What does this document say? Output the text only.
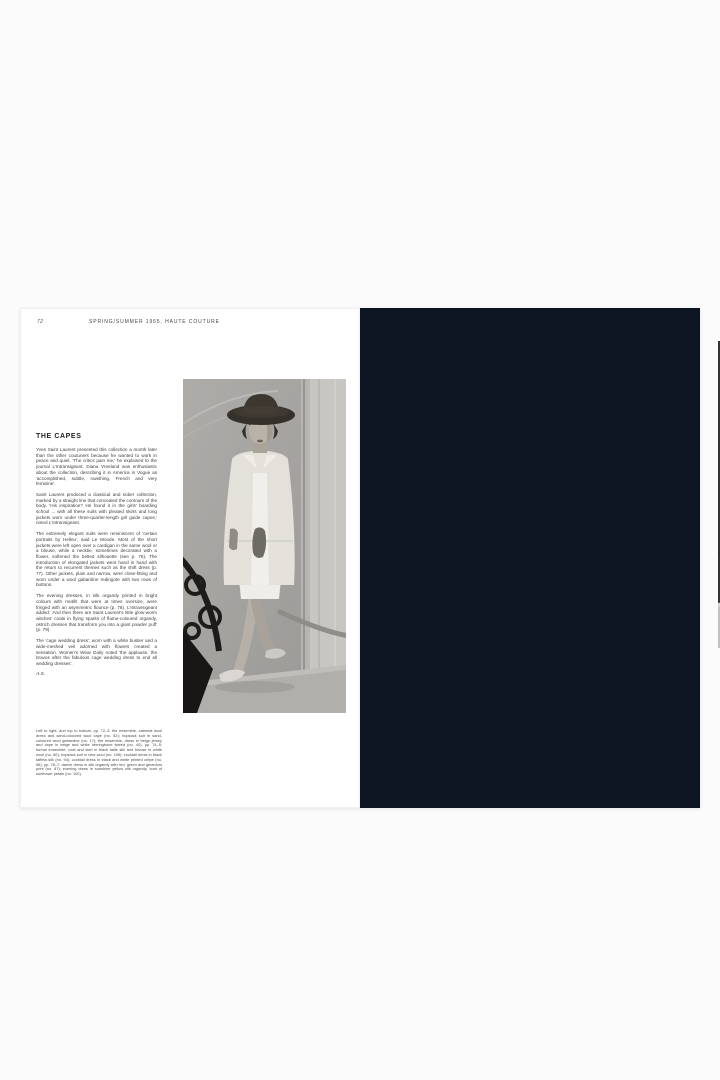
72	SPRING/SUMMER 1965, HAUTE COUTURE
THE CAPES

Yves Saint Laurent presented this collection a month later than the other couturiers because he wanted to work in peace and quiet. 'The critics pain me,' he explained to the journal L'Intransigeant. Diana Vreeland was enthusiastic about the collection, describing it in America in Vogue as 'accomplished, subtle, ravishing, French and very feminine'.

Saint Laurent produced a classical and sober collection, marked by a straight line that concealed the contours of the body. 'His inspiration? He found it in the girls' boarding school ... with all these suits with pleated skirts and long jackets worn under three-quarter-length girl guide capes,' noted L'Intransigeant.

The extremely elegant suits were reminiscent of 'certain portraits by Helleu', said Le Monde. Most of the short jackets were left open over a cardigan in the same wool or a blouse, while a necktie, sometimes decorated with a flower, softened the belted silhouette (see p. 76). The introduction of elongated jackets went hand in hand with the return to recurrent themes such as the shift dress (p. 77). Other jackets, plain and narrow, were close-fitting and worn under a wool gabardine redingote with two rows of buttons.

The evening dresses, in silk organdy printed in bright colours with motifs that were at times oversize, were fringed with an asymmetric flounce (p. 78). L'Intransigeant added: 'And then there are Saint Laurent's little glow-worm witches' coats in flying sparks of flame-coloured organdy, ostrich dresses that transform you into a giant powder puff' (p. 79).

The 'cage wedding dress', worn with a white bustier and a wide-meshed veil adorned with flowers created a sensation. Women's Wear Daily noted 'the applause, the bravos after the fabulous cage wedding dress to end all wedding dresses'.

A.S.

Left to right, and top to bottom, pp. 72–3: the ensemble, oatmeal wool dress and sand-coloured wool cape (no. 52); hopsack suit in sand-coloured wool gabardine (no. 17); the ensemble, dress in beige jersey and cape in beige and white herringbone tweed (no. 40), pp. 74–5: formal ensemble, coat and skirt in black faille silk and blouse in white wool (no. 60); hopsack suit in new wool (no. 105); cocktail dress in black taffeta silk (no. 94); cocktail dress in black and white printed crêpe (no. 56), pp. 76–7: dance dress in silk organdy with red, green and geranium print (no. 87); evening dress in sunshine yellow silk organdy, coat of sunflower petals (no. 100).
